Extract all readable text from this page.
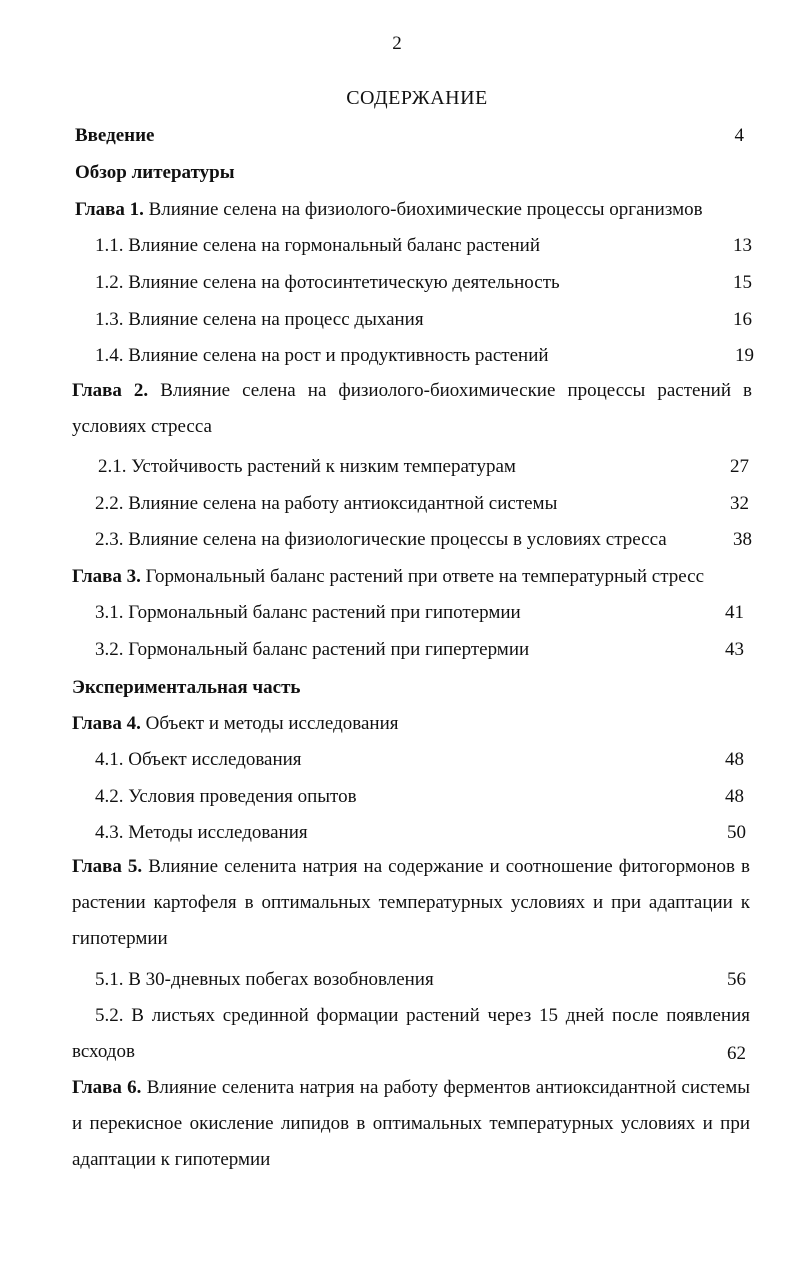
2
СОДЕРЖАНИЕ
Введение	4
Обзор литературы
Глава 1. Влияние селена на физиолого-биохимические процессы организмов
1.1. Влияние селена на гормональный баланс растений	13
1.2. Влияние селена на фотосинтетическую деятельность	15
1.3. Влияние селена на процесс дыхания	16
1.4. Влияние селена на рост и продуктивность растений	19
Глава 2. Влияние селена на физиолого-биохимические процессы растений в условиях стресса
2.1. Устойчивость растений к низким температурам	27
2.2. Влияние селена на работу антиоксидантной системы	32
2.3. Влияние селена на физиологические процессы в условиях стресса	38
Глава 3. Гормональный баланс растений при ответе на температурный стресс
3.1. Гормональный баланс растений при гипотермии	41
3.2. Гормональный баланс растений при гипертермии	43
Экспериментальная часть
Глава 4. Объект и методы исследования
4.1. Объект исследования	48
4.2. Условия проведения опытов	48
4.3. Методы исследования	50
Глава 5. Влияние селенита натрия на содержание и соотношение фитогормонов в растении картофеля в оптимальных температурных условиях и при адаптации к гипотермии
5.1. В 30-дневных побегах возобновления	56
5.2. В листьях срединной формации растений через 15 дней после появления всходов	62
Глава 6. Влияние селенита натрия на работу ферментов антиоксидантной системы и перекисное окисление липидов в оптимальных температурных условиях и при адаптации к гипотермии
